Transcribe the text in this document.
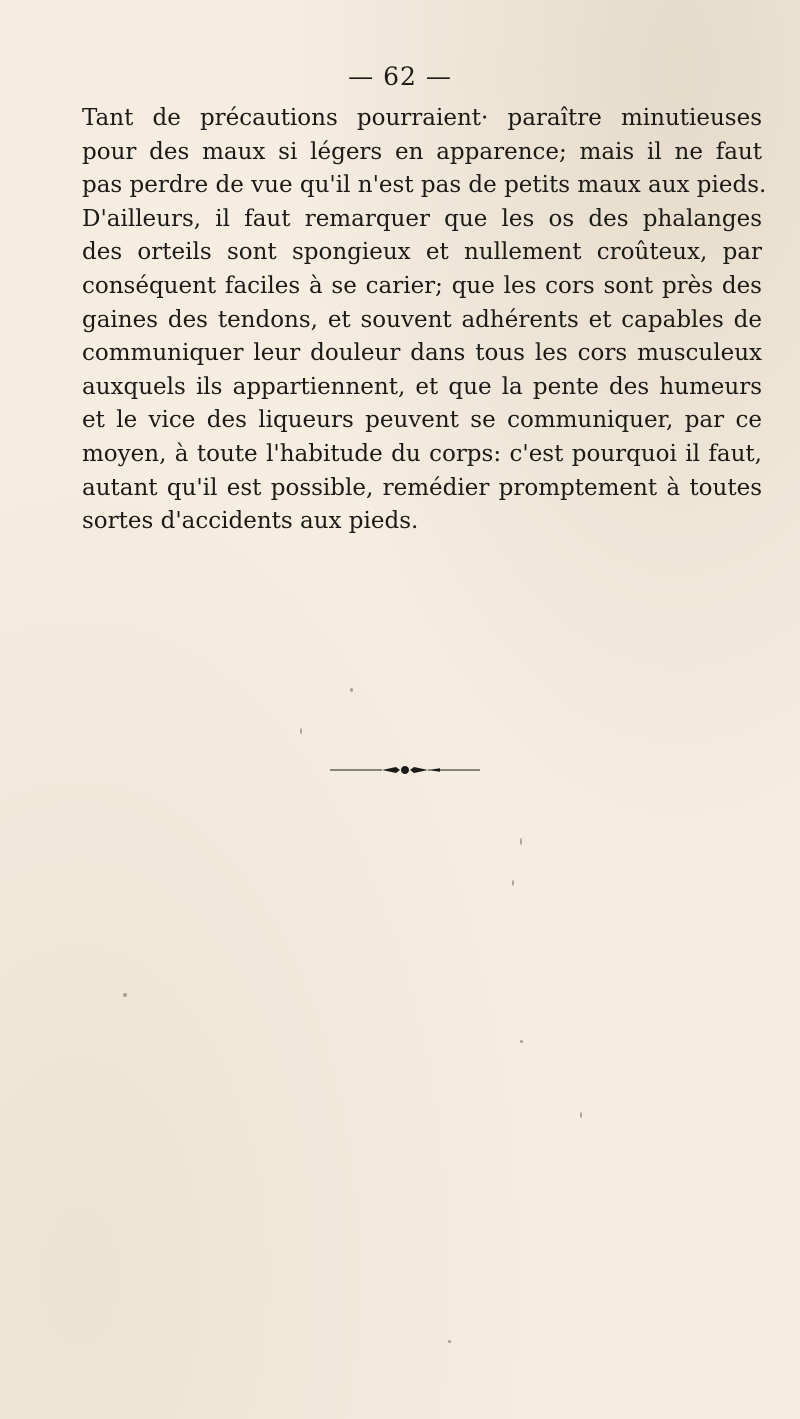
— 62 —
Tant de précautions pourraient· paraître minutieuses
pour des maux si légers en apparence; mais il ne faut
pas perdre de vue qu'il n'est pas de petits maux aux pieds.
D'ailleurs, il faut remarquer que les os des phalanges
des orteils sont spongieux et nullement croûteux, par
conséquent faciles à se carier; que les cors sont près des
gaines des tendons, et souvent adhérents et capables de
communiquer leur douleur dans tous les cors musculeux
auxquels ils appartiennent, et que la pente des humeurs
et le vice des liqueurs peuvent se communiquer, par ce
moyen, à toute l'habitude du corps: c'est pourquoi il faut,
autant qu'il est possible, remédier promptement à toutes
sortes d'accidents aux pieds.
